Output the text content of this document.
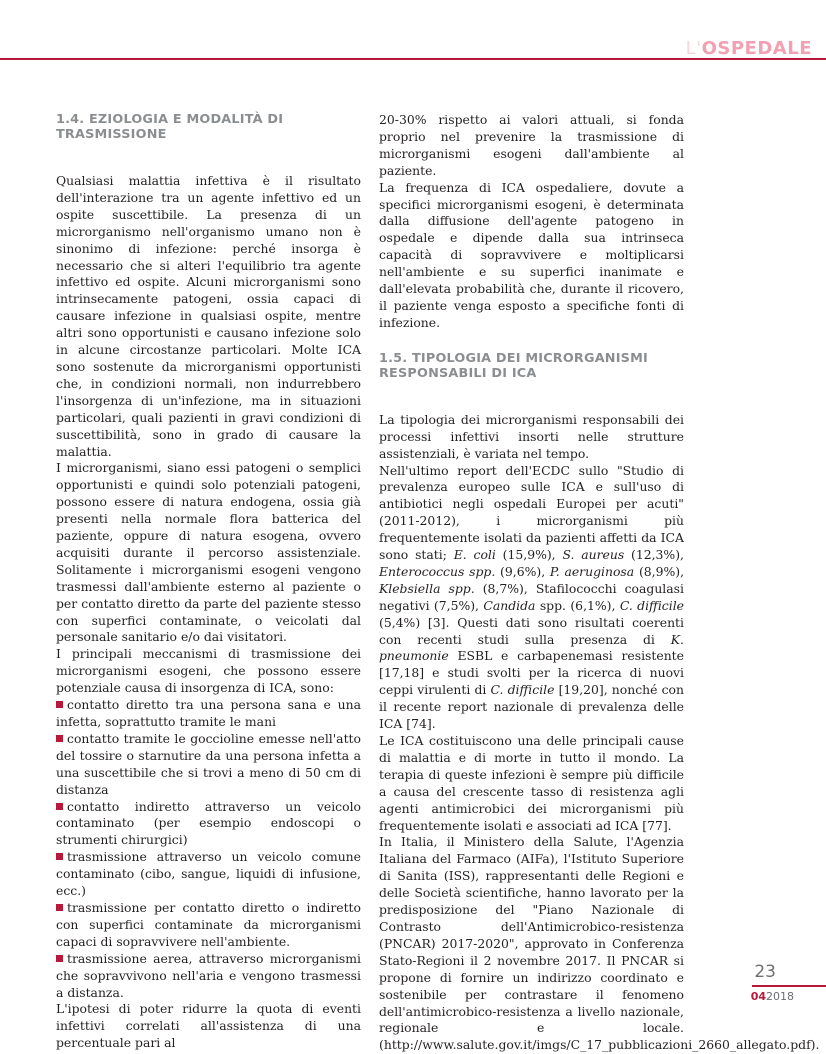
L'OSPEDALE
1.4. EZIOLOGIA E MODALITÀ DI TRASMISSIONE

Qualsiasi malattia infettiva è il risultato dell'interazione tra un agente infettivo ed un ospite suscettibile. La presenza di un microrganismo nell'organismo umano non è sinonimo di infezione: perché insorga è necessario che si alteri l'equilibrio tra agente infettivo ed ospite. Alcuni microrganismi sono intrinsecamente patogeni, ossia capaci di causare infezione in qualsiasi ospite, mentre altri sono opportunisti e causano infezione solo in alcune circostanze particolari. Molte ICA sono sostenute da microrganismi opportunisti che, in condizioni normali, non indurrebbero l'insorgenza di un'infezione, ma in situazioni particolari, quali pazienti in gravi condizioni di suscettibilità, sono in grado di causare la malattia.

I microrganismi, siano essi patogeni o semplici opportunisti e quindi solo potenziali patogeni, possono essere di natura endogena, ossia già presenti nella normale flora batterica del paziente, oppure di natura esogena, ovvero acquisiti durante il percorso assistenziale. Solitamente i microrganismi esogeni vengono trasmessi dall'ambiente esterno al paziente o per contatto diretto da parte del paziente stesso con superfici contaminate, o veicolati dal personale sanitario e/o dai visitatori.

I principali meccanismi di trasmissione dei microrganismi esogeni, che possono essere potenziale causa di insorgenza di ICA, sono:

contatto diretto tra una persona sana e una infetta, soprattutto tramite le mani
contatto tramite le goccioline emesse nell'atto del tossire o starnutire da una persona infetta a una suscettibile che si trovi a meno di 50 cm di distanza
contatto indiretto attraverso un veicolo contaminato (per esempio endoscopi o strumenti chirurgici)
trasmissione attraverso un veicolo comune contaminato (cibo, sangue, liquidi di infusione, ecc.)
trasmissione per contatto diretto o indiretto con superfici contaminate da microrganismi capaci di sopravvivere nell'ambiente.
trasmissione aerea, attraverso microrganismi che sopravvivono nell'aria e vengono trasmessi a distanza.

L'ipotesi di poter ridurre la quota di eventi infettivi correlati all'assistenza di una percentuale pari al

20-30% rispetto ai valori attuali, si fonda proprio nel prevenire la trasmissione di microrganismi esogeni dall'ambiente al paziente.

La frequenza di ICA ospedaliere, dovute a specifici microrganismi esogeni, è determinata dalla diffusione dell'agente patogeno in ospedale e dipende dalla sua intrinseca capacità di sopravvivere e moltiplicarsi nell'ambiente e su superfici inanimate e dall'elevata probabilità che, durante il ricovero, il paziente venga esposto a specifiche fonti di infezione.

1.5. TIPOLOGIA DEI MICRORGANISMI RESPONSABILI DI ICA

La tipologia dei microrganismi responsabili dei processi infettivi insorti nelle strutture assistenziali, è variata nel tempo.

Nell'ultimo report dell'ECDC sullo "Studio di prevalenza europeo sulle ICA e sull'uso di antibiotici negli ospedali Europei per acuti" (2011-2012), i microrganismi più frequentemente isolati da pazienti affetti da ICA sono stati; E. coli (15,9%), S. aureus (12,3%), Enterococcus spp. (9,6%), P. aeruginosa (8,9%), Klebsiella spp. (8,7%), Stafilococchi coagulasi negativi (7,5%), Candida spp. (6,1%), C. difficile (5,4%) [3]. Questi dati sono risultati coerenti con recenti studi sulla presenza di K. pneumonie ESBL e carbapenemasi resistente [17,18] e studi svolti per la ricerca di nuovi ceppi virulenti di C. difficile [19,20], nonché con il recente report nazionale di prevalenza delle ICA [74].

Le ICA costituiscono una delle principali cause di malattia e di morte in tutto il mondo. La terapia di queste infezioni è sempre più difficile a causa del crescente tasso di resistenza agli agenti antimicrobici dei microrganismi più frequentemente isolati e associati ad ICA [77].

In Italia, il Ministero della Salute, l'Agenzia Italiana del Farmaco (AIFa), l'Istituto Superiore di Sanita (ISS), rappresentanti delle Regioni e delle Società scientifiche, hanno lavorato per la predisposizione del "Piano Nazionale di Contrasto dell'Antimicrobico-resistenza (PNCAR) 2017-2020", approvato in Conferenza Stato-Regioni il 2 novembre 2017. Il PNCAR si propone di fornire un indirizzo coordinato e sostenibile per contrastare il fenomeno dell'antimicrobico-resistenza a livello nazionale, regionale e locale. (http://www.salute.gov.it/imgs/C_17_pubblicazioni_2660_allegato.pdf).

23
042018
